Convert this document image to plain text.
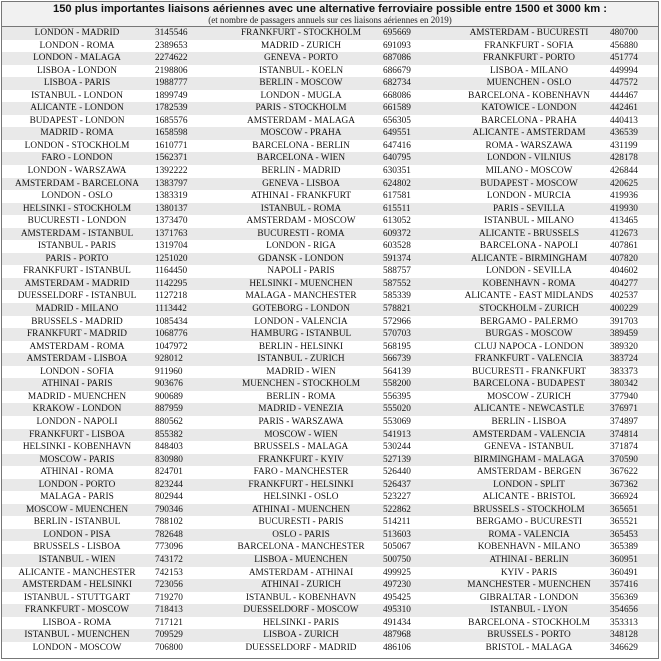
150 plus importantes liaisons aériennes avec une alternative ferroviaire possible entre 1500 et 3000 km :
(et nombre de passagers annuels sur ces liaisons aériennes en 2019)
LONDON - MADRID	3145546	FRANKFURT - STOCKHOLM	695669	AMSTERDAM - BUCURESTI	480700
LONDON - ROMA	2389653	MADRID - ZURICH	691093	FRANKFURT - SOFIA	456880
LONDON - MALAGA	2274622	GENEVA - PORTO	687086	FRANKFURT - PORTO	451774
LISBOA - LONDON	2198806	ISTANBUL - KOELN	686679	LISBOA - MILANO	449994
LISBOA - PARIS	1988777	BERLIN - MOSCOW	682734	MUENCHEN - OSLO	447572
ISTANBUL - LONDON	1899749	LONDON - MUGLA	668086	BARCELONA - KOBENHAVN	444467
ALICANTE - LONDON	1782539	PARIS - STOCKHOLM	661589	KATOWICE - LONDON	442461
BUDAPEST - LONDON	1685576	AMSTERDAM - MALAGA	656305	BARCELONA - PRAHA	440413
MADRID - ROMA	1658598	MOSCOW - PRAHA	649551	ALICANTE - AMSTERDAM	436539
LONDON - STOCKHOLM	1610771	BARCELONA - BERLIN	647416	ROMA - WARSZAWA	431199
FARO - LONDON	1562371	BARCELONA - WIEN	640795	LONDON - VILNIUS	428178
LONDON - WARSZAWA	1392222	BERLIN - MADRID	630351	MILANO - MOSCOW	426844
AMSTERDAM - BARCELONA	1383797	GENEVA - LISBOA	624802	BUDAPEST - MOSCOW	420625
LONDON - OSLO	1383319	ATHINAI - FRANKFURT	617581	LONDON - MURCIA	419936
HELSINKI - STOCKHOLM	1380137	ISTANBUL - ROMA	615511	PARIS - SEVILLA	419930
BUCURESTI - LONDON	1373470	AMSTERDAM - MOSCOW	613052	ISTANBUL - MILANO	413465
AMSTERDAM - ISTANBUL	1371763	BUCURESTI - ROMA	609372	ALICANTE - BRUSSELS	412673
ISTANBUL - PARIS	1319704	LONDON - RIGA	603528	BARCELONA - NAPOLI	407861
PARIS - PORTO	1251020	GDANSK - LONDON	591374	ALICANTE - BIRMINGHAM	407820
FRANKFURT - ISTANBUL	1164450	NAPOLI - PARIS	588757	LONDON - SEVILLA	404602
AMSTERDAM - MADRID	1142295	HELSINKI - MUENCHEN	587552	KOBENHAVN - ROMA	404277
DUESSELDORF - ISTANBUL	1127218	MALAGA - MANCHESTER	585339	ALICANTE - EAST MIDLANDS	402537
MADRID - MILANO	1113442	GOTEBORG - LONDON	578821	STOCKHOLM - ZURICH	400229
BRUSSELS - MADRID	1085434	LONDON - VALENCIA	572966	BERGAMO - PALERMO	391703
FRANKFURT - MADRID	1068776	HAMBURG - ISTANBUL	570703	BURGAS - MOSCOW	389459
AMSTERDAM - ROMA	1047972	BERLIN - HELSINKI	568195	CLUJ NAPOCA - LONDON	389320
AMSTERDAM - LISBOA	928012	ISTANBUL - ZURICH	566739	FRANKFURT - VALENCIA	383724
LONDON - SOFIA	911960	MADRID - WIEN	564139	BUCURESTI - FRANKFURT	383373
ATHINAI - PARIS	903676	MUENCHEN - STOCKHOLM	558200	BARCELONA - BUDAPEST	380342
MADRID - MUENCHEN	900689	BERLIN - ROMA	556395	MOSCOW - ZURICH	377940
KRAKOW - LONDON	887959	MADRID - VENEZIA	555020	ALICANTE - NEWCASTLE	376971
LONDON - NAPOLI	880562	PARIS - WARSZAWA	553069	BERLIN - LISBOA	374897
FRANKFURT - LISBOA	855382	MOSCOW - WIEN	541913	AMSTERDAM - VALENCIA	374814
HELSINKI - KOBENHAVN	848403	BRUSSELS - MALAGA	530244	GENEVA - ISTANBUL	371874
MOSCOW - PARIS	830980	FRANKFURT - KYIV	527139	BIRMINGHAM - MALAGA	370590
ATHINAI - ROMA	824701	FARO - MANCHESTER	526440	AMSTERDAM - BERGEN	367622
LONDON - PORTO	823244	FRANKFURT - HELSINKI	526437	LONDON - SPLIT	367362
MALAGA - PARIS	802944	HELSINKI - OSLO	523227	ALICANTE - BRISTOL	366924
MOSCOW - MUENCHEN	790346	ATHINAI - MUENCHEN	522862	BRUSSELS - STOCKHOLM	365651
BERLIN - ISTANBUL	788102	BUCURESTI - PARIS	514211	BERGAMO - BUCURESTI	365521
LONDON - PISA	782648	OSLO - PARIS	513603	ROMA - VALENCIA	365453
BRUSSELS - LISBOA	773096	BARCELONA - MANCHESTER	505067	KOBENHAVN - MILANO	365389
ISTANBUL - WIEN	743172	LISBOA - MUENCHEN	500750	ATHINAI - BERLIN	360951
ALICANTE - MANCHESTER	742153	AMSTERDAM - ATHINAI	499925	KYIV - PARIS	360491
AMSTERDAM - HELSINKI	723056	ATHINAI - ZURICH	497230	MANCHESTER - MUENCHEN	357416
ISTANBUL - STUTTGART	719270	ISTANBUL - KOBENHAVN	495425	GIBRALTAR - LONDON	356369
FRANKFURT - MOSCOW	718413	DUESSELDORF - MOSCOW	495310	ISTANBUL - LYON	354656
LISBOA - ROMA	717121	HELSINKI - PARIS	491434	BARCELONA - STOCKHOLM	353313
ISTANBUL - MUENCHEN	709529	LISBOA - ZURICH	487968	BRUSSELS - PORTO	348128
LONDON - MOSCOW	706800	DUESSELDORF - MADRID	486106	BRISTOL - MALAGA	346629
